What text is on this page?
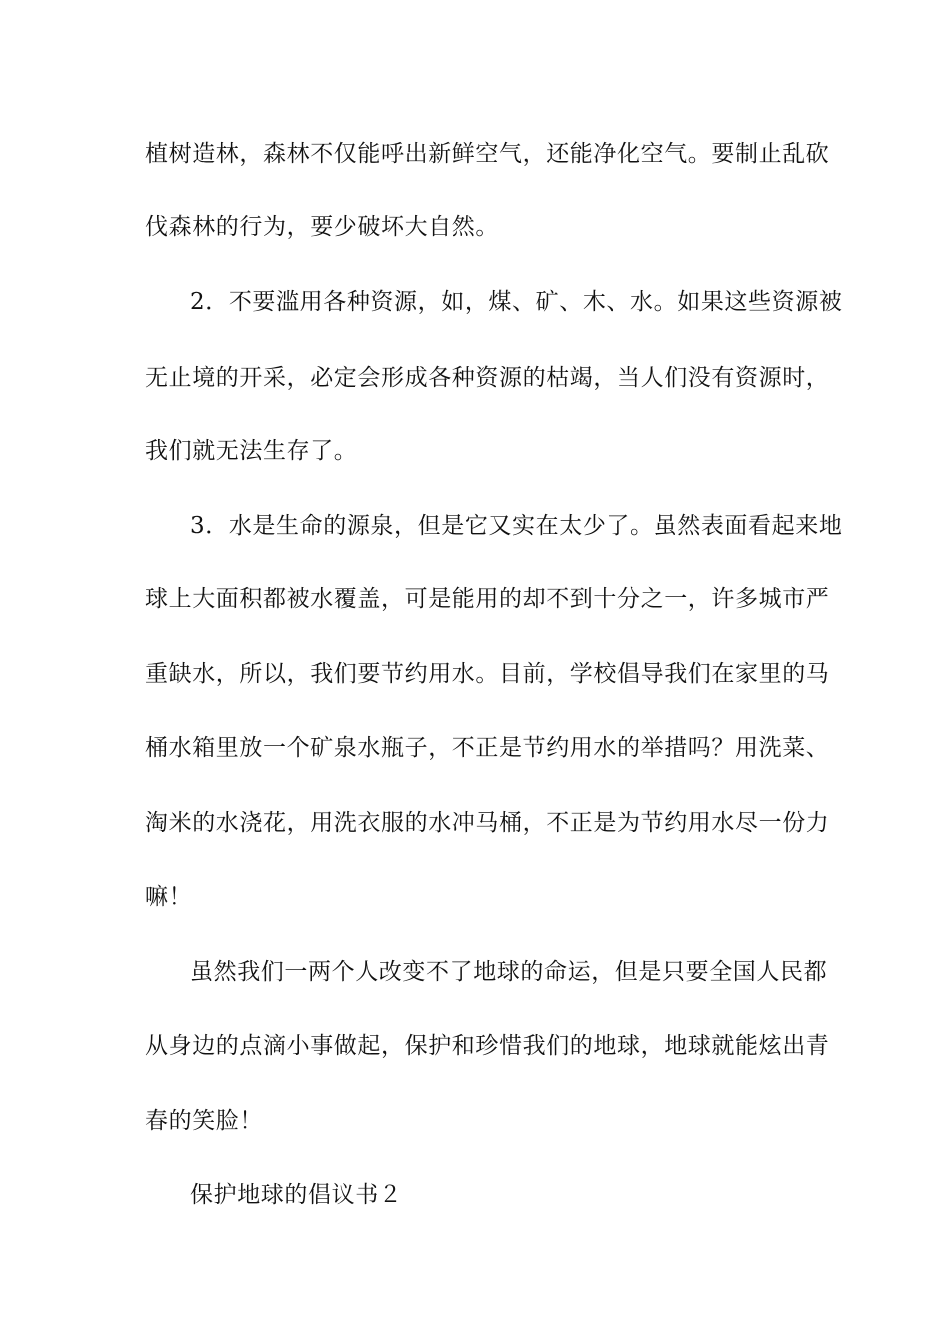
植树造林，森林不仅能呼出新鲜空气，还能净化空气。要制止乱砍
伐森林的行为，要少破坏大自然。
2．不要滥用各种资源，如，煤、矿、木、水。如果这些资源被
无止境的开采，必定会形成各种资源的枯竭，当人们没有资源时，
我们就无法生存了。
3．水是生命的源泉，但是它又实在太少了。虽然表面看起来地
球上大面积都被水覆盖，可是能用的却不到十分之一，许多城市严
重缺水，所以，我们要节约用水。目前，学校倡导我们在家里的马
桶水箱里放一个矿泉水瓶子，不正是节约用水的举措吗？用洗菜、
淘米的水浇花，用洗衣服的水冲马桶，不正是为节约用水尽一份力
嘛！
虽然我们一两个人改变不了地球的命运，但是只要全国人民都
从身边的点滴小事做起，保护和珍惜我们的地球，地球就能炫出青
春的笑脸！
保护地球的倡议书２
